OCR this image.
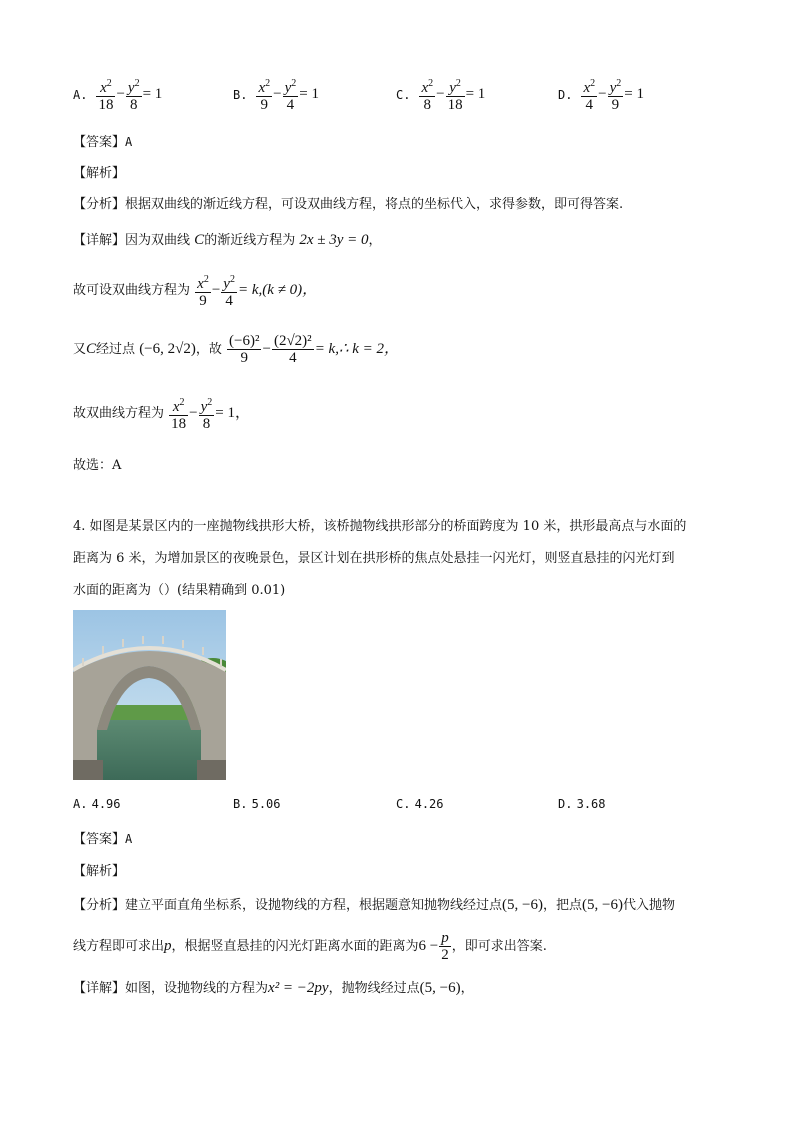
A. $\frac{x^2}{18} - \frac{y^2}{8} = 1$	B. $\frac{x^2}{9} - \frac{y^2}{4} = 1$	C. $\frac{x^2}{8} - \frac{y^2}{18} = 1$	D. $\frac{x^2}{4} - \frac{y^2}{9} = 1$
【答案】A
【解析】
【分析】根据双曲线的渐近线方程，可设双曲线方程，将点的坐标代入，求得参数，即可得答案.
【详解】因为双曲线 C的渐近线方程为 2x ± 3y = 0，
故可设双曲线方程为 $\frac{x^2}{9} - \frac{y^2}{4} = k,(k \ne 0)$，
又C经过点 (−6, 2√2)，故 $\frac{\text{(−6)²}}{9} - \frac{\text{(2√2)²}}{4}$ = k,∴ k = 2，
故双曲线方程为 $\frac{x^2}{18} - \frac{y^2}{8} = 1$，
故选：A
4. 如图是某景区内的一座抛物线拱形大桥，该桥抛物线拱形部分的桥面跨度为 10 米，拱形最高点与水面的
距离为 6 米，为增加景区的夜晚景色，景区计划在拱形桥的焦点处悬挂一闪光灯，则竖直悬挂的闪光灯到
水面的距离为（）(结果精确到 0.01)
A. 4.96	B. 5.06	C. 4.26	D. 3.68
【答案】A
【解析】
【分析】建立平面直角坐标系，设抛物线的方程，根据题意知抛物线经过点(5, −6)，把点(5, −6)代入抛物
线方程即可求出p，根据竖直悬挂的闪光灯距离水面的距离为$6 - \frac{p}{2}$ ，即可求出答案.
【详解】如图，设抛物线的方程为x² = −2py，抛物线经过点(5, −6)，
